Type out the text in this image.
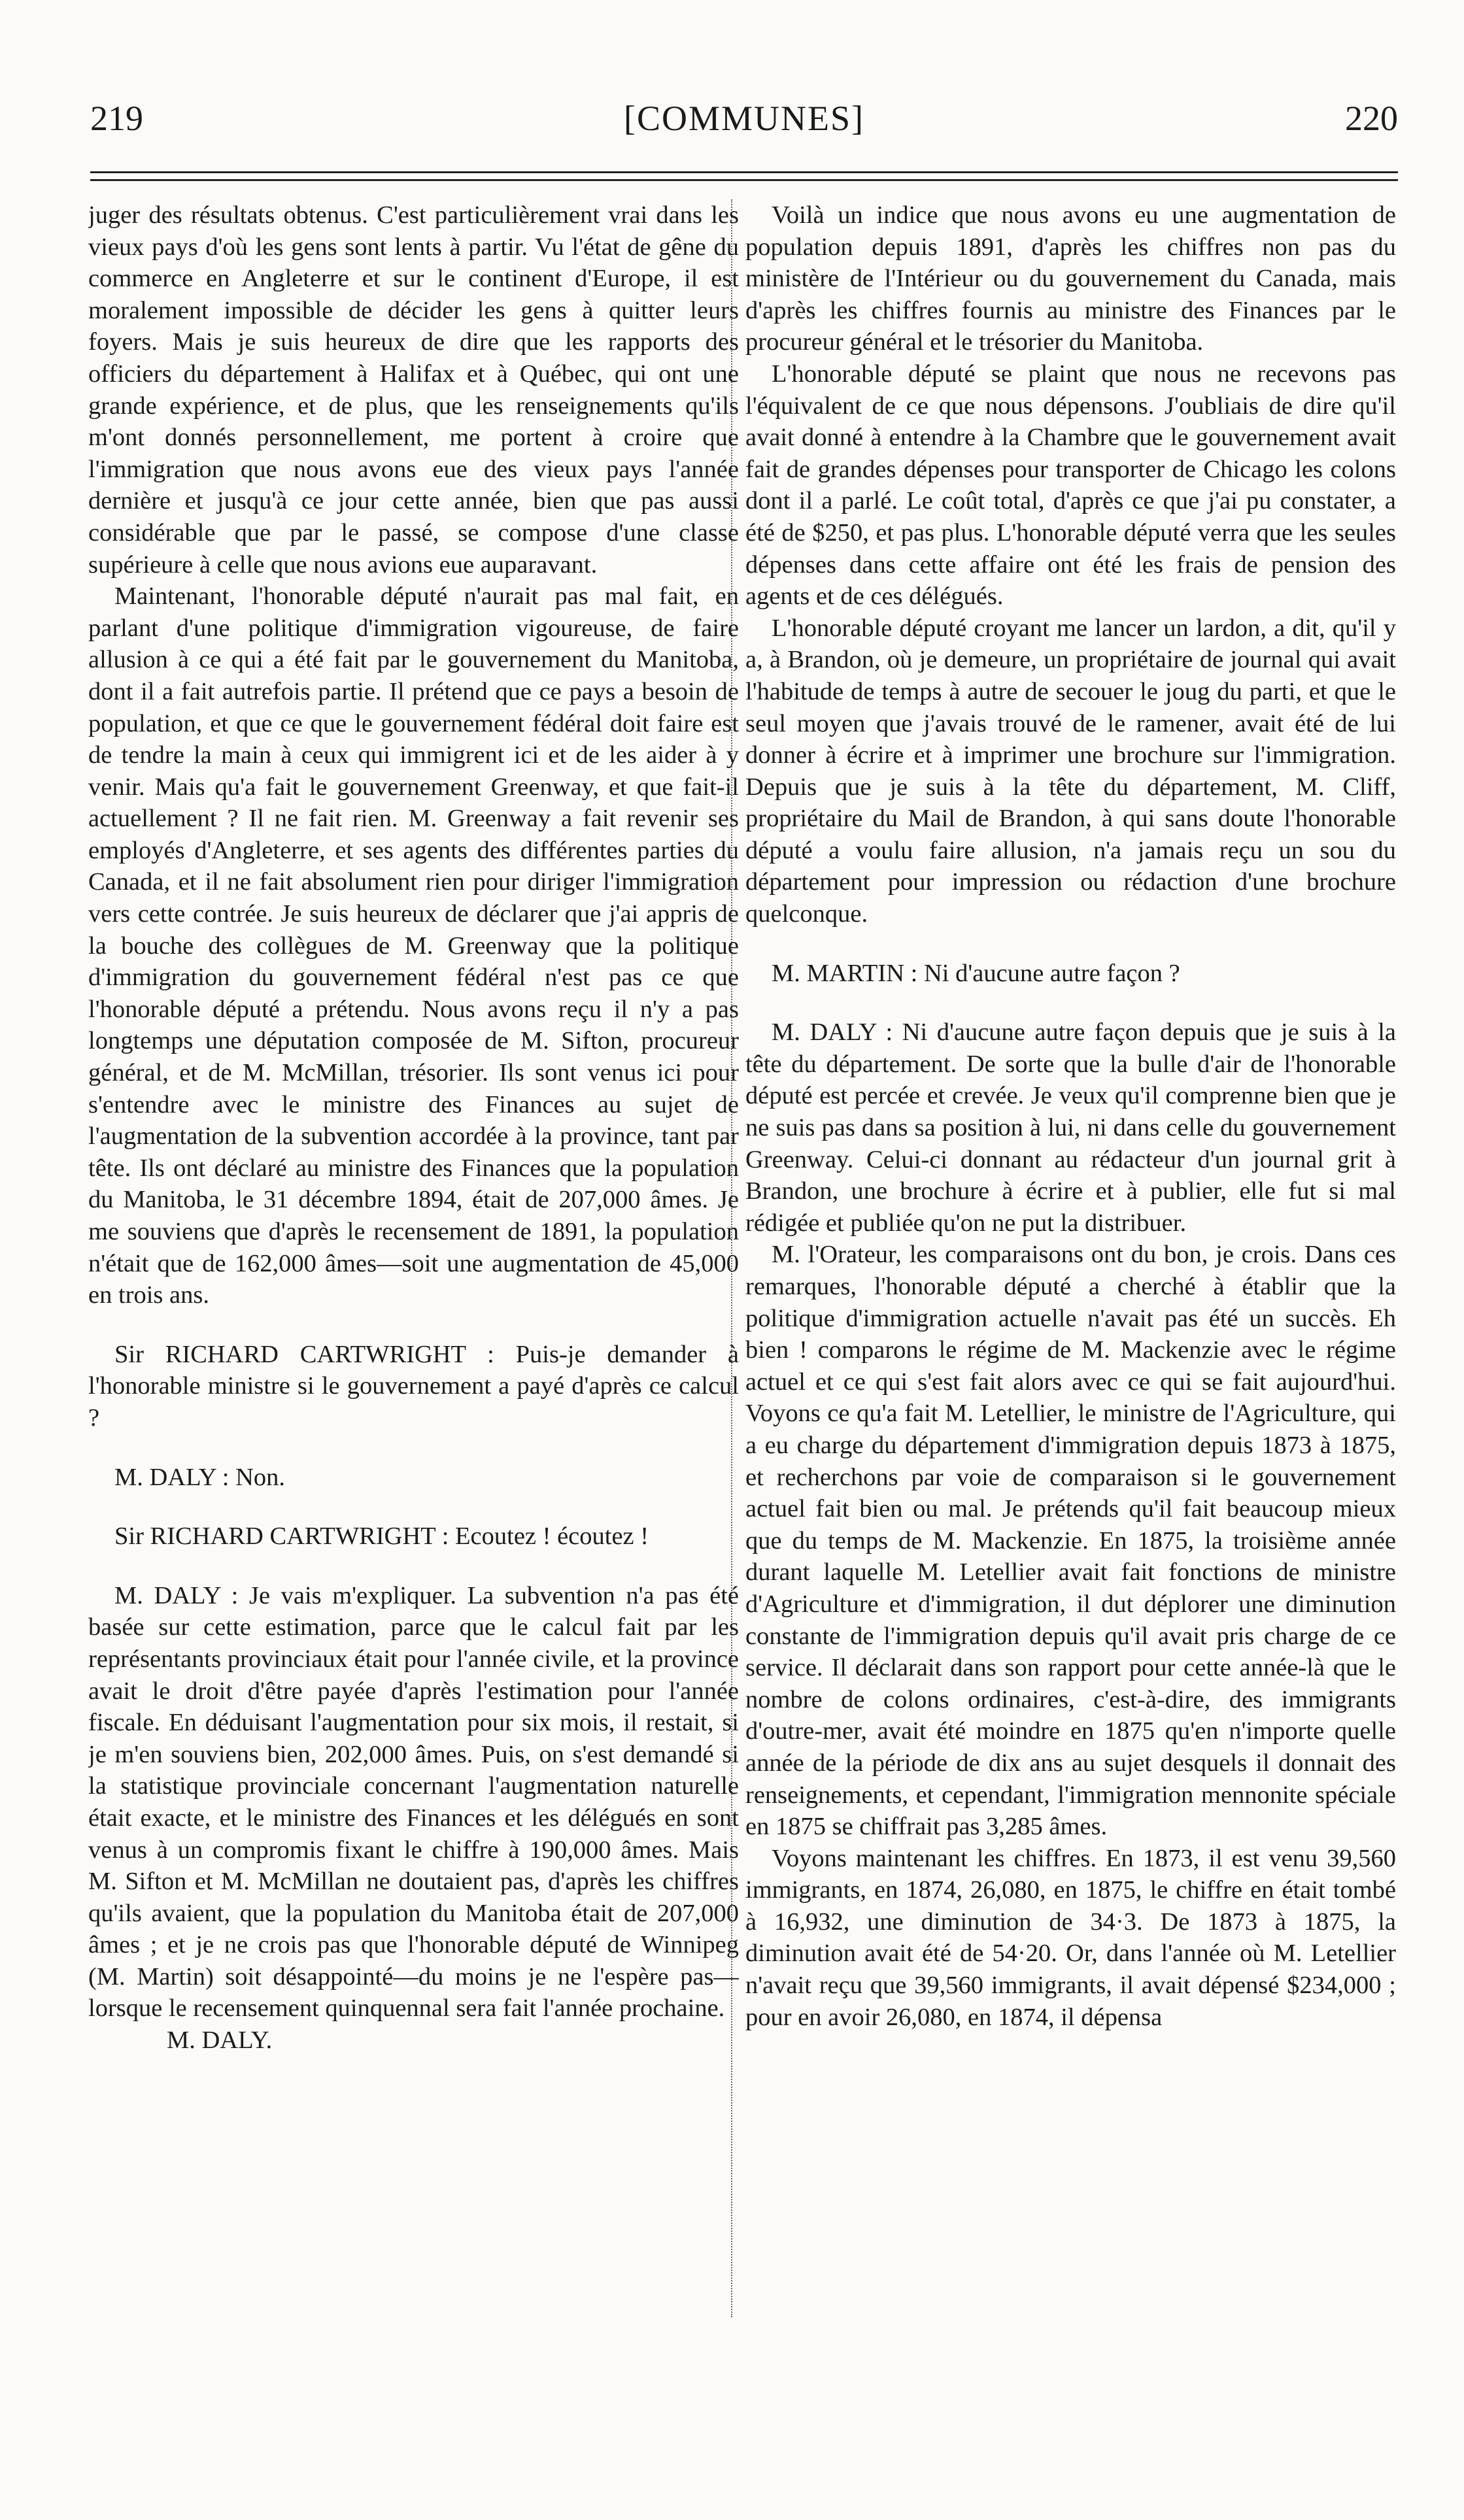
219	[COMMUNES]	220

juger des résultats obtenus. C'est particulièrement vrai dans les vieux pays d'où les gens sont lents à partir. Vu l'état de gêne du commerce en Angleterre et sur le continent d'Europe, il est moralement impossible de décider les gens à quitter leurs foyers. Mais je suis heureux de dire que les rapports des officiers du département à Halifax et à Québec, qui ont une grande expérience, et de plus, que les renseignements qu'ils m'ont donnés personnellement, me portent à croire que l'immigration que nous avons eue des vieux pays l'année dernière et jusqu'à ce jour cette année, bien que pas aussi considérable que par le passé, se compose d'une classe supérieure à celle que nous avions eue auparavant.

Maintenant, l'honorable député n'aurait pas mal fait, en parlant d'une politique d'immigration vigoureuse, de faire allusion à ce qui a été fait par le gouvernement du Manitoba, dont il a fait autrefois partie. Il prétend que ce pays a besoin de population, et que ce que le gouvernement fédéral doit faire est de tendre la main à ceux qui immigrent ici et de les aider à y venir. Mais qu'a fait le gouvernement Greenway, et que fait-il actuellement ? Il ne fait rien. M. Greenway a fait revenir ses employés d'Angleterre, et ses agents des différentes parties du Canada, et il ne fait absolument rien pour diriger l'immigration vers cette contrée. Je suis heureux de déclarer que j'ai appris de la bouche des collègues de M. Greenway que la politique d'immigration du gouvernement fédéral n'est pas ce que l'honorable député a prétendu. Nous avons reçu il n'y a pas longtemps une députation composée de M. Sifton, procureur général, et de M. McMillan, trésorier. Ils sont venus ici pour s'entendre avec le ministre des Finances au sujet de l'augmentation de la subvention accordée à la province, tant par tête. Ils ont déclaré au ministre des Finances que la population du Manitoba, le 31 décembre 1894, était de 207,000 âmes. Je me souviens que d'après le recensement de 1891, la population n'était que de 162,000 âmes—soit une augmentation de 45,000 en trois ans.

Sir RICHARD CARTWRIGHT : Puis-je demander à l'honorable ministre si le gouvernement a payé d'après ce calcul ?

M. DALY : Non.

Sir RICHARD CARTWRIGHT : Ecoutez ! écoutez !

M. DALY : Je vais m'expliquer. La subvention n'a pas été basée sur cette estimation, parce que le calcul fait par les représentants provinciaux était pour l'année civile, et la province avait le droit d'être payée d'après l'estimation pour l'année fiscale. En déduisant l'augmentation pour six mois, il restait, si je m'en souviens bien, 202,000 âmes. Puis, on s'est demandé si la statistique provinciale concernant l'augmentation naturelle était exacte, et le ministre des Finances et les délégués en sont venus à un compromis fixant le chiffre à 190,000 âmes. Mais M. Sifton et M. McMillan ne doutaient pas, d'après les chiffres qu'ils avaient, que la population du Manitoba était de 207,000 âmes ; et je ne crois pas que l'honorable député de Winnipeg (M. Martin) soit désappointé—du moins je ne l'espère pas—lorsque le recensement quinquennal sera fait l'année prochaine.

M. DALY.

Voilà un indice que nous avons eu une augmentation de population depuis 1891, d'après les chiffres non pas du ministère de l'Intérieur ou du gouvernement du Canada, mais d'après les chiffres fournis au ministre des Finances par le procureur général et le trésorier du Manitoba.

L'honorable député se plaint que nous ne recevons pas l'équivalent de ce que nous dépensons. J'oubliais de dire qu'il avait donné à entendre à la Chambre que le gouvernement avait fait de grandes dépenses pour transporter de Chicago les colons dont il a parlé. Le coût total, d'après ce que j'ai pu constater, a été de $250, et pas plus. L'honorable député verra que les seules dépenses dans cette affaire ont été les frais de pension des agents et de ces délégués.

L'honorable député croyant me lancer un lardon, a dit, qu'il y a, à Brandon, où je demeure, un propriétaire de journal qui avait l'habitude de temps à autre de secouer le joug du parti, et que le seul moyen que j'avais trouvé de le ramener, avait été de lui donner à écrire et à imprimer une brochure sur l'immigration. Depuis que je suis à la tête du département, M. Cliff, propriétaire du Mail de Brandon, à qui sans doute l'honorable député a voulu faire allusion, n'a jamais reçu un sou du département pour impression ou rédaction d'une brochure quelconque.

M. MARTIN : Ni d'aucune autre façon ?

M. DALY : Ni d'aucune autre façon depuis que je suis à la tête du département. De sorte que la bulle d'air de l'honorable député est percée et crevée. Je veux qu'il comprenne bien que je ne suis pas dans sa position à lui, ni dans celle du gouvernement Greenway. Celui-ci donnant au rédacteur d'un journal grit à Brandon, une brochure à écrire et à publier, elle fut si mal rédigée et publiée qu'on ne put la distribuer.

M. l'Orateur, les comparaisons ont du bon, je crois. Dans ces remarques, l'honorable député a cherché à établir que la politique d'immigration actuelle n'avait pas été un succès. Eh bien ! comparons le régime de M. Mackenzie avec le régime actuel et ce qui s'est fait alors avec ce qui se fait aujourd'hui. Voyons ce qu'a fait M. Letellier, le ministre de l'Agriculture, qui a eu charge du département d'immigration depuis 1873 à 1875, et recherchons par voie de comparaison si le gouvernement actuel fait bien ou mal. Je prétends qu'il fait beaucoup mieux que du temps de M. Mackenzie. En 1875, la troisième année durant laquelle M. Letellier avait fait fonctions de ministre d'Agriculture et d'immigration, il dut déplorer une diminution constante de l'immigration depuis qu'il avait pris charge de ce service. Il déclarait dans son rapport pour cette année-là que le nombre de colons ordinaires, c'est-à-dire, des immigrants d'outre-mer, avait été moindre en 1875 qu'en n'importe quelle année de la période de dix ans au sujet desquels il donnait des renseignements, et cependant, l'immigration mennonite spéciale en 1875 se chiffrait pas 3,285 âmes.

Voyons maintenant les chiffres. En 1873, il est venu 39,560 immigrants, en 1874, 26,080, en 1875, le chiffre en était tombé à 16,932, une diminution de 34·3. De 1873 à 1875, la diminution avait été de 54·20. Or, dans l'année où M. Letellier n'avait reçu que 39,560 immigrants, il avait dépensé $234,000 ; pour en avoir 26,080, en 1874, il dépensa
